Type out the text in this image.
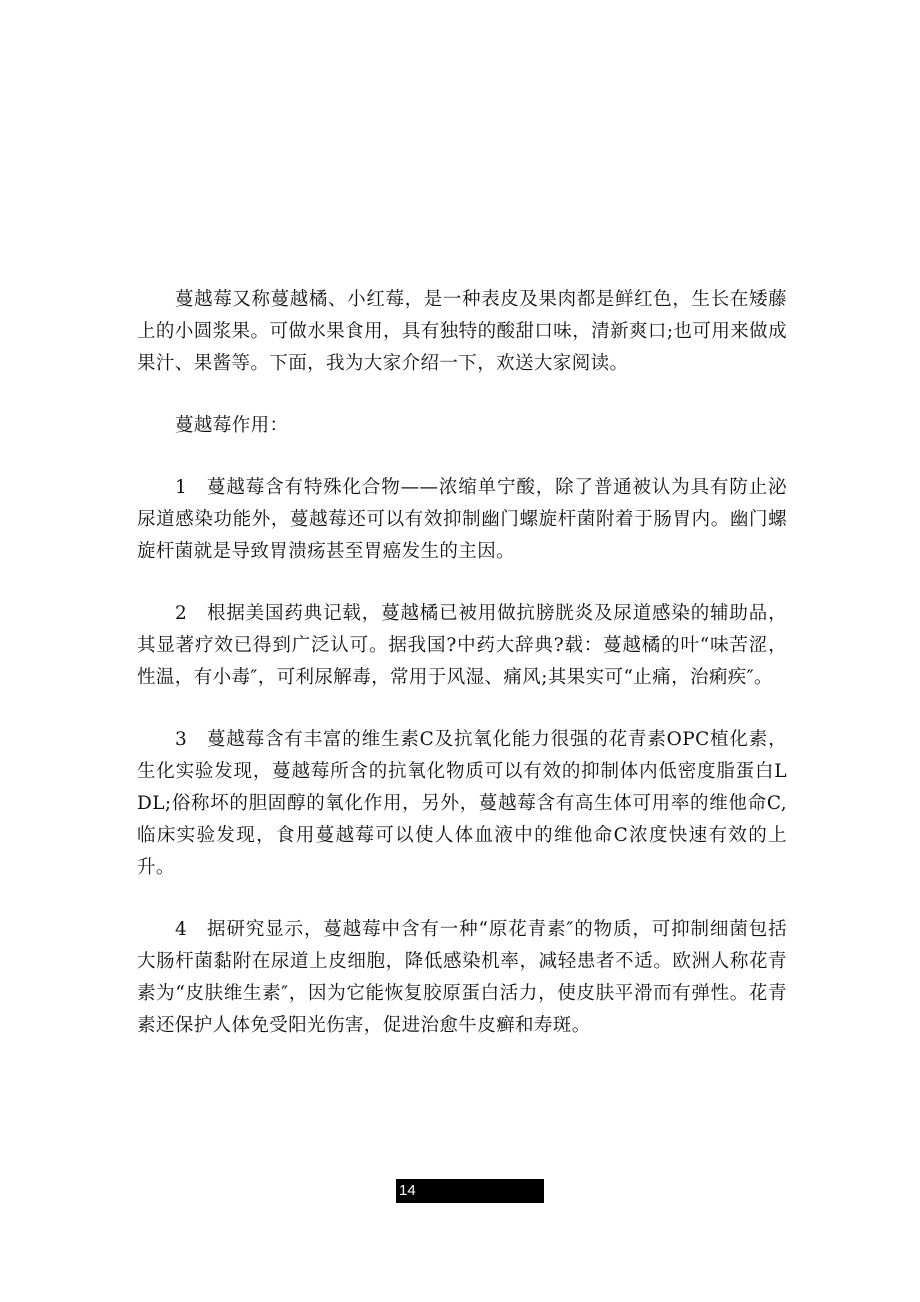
蔓越莓又称蔓越橘、小红莓，是一种表皮及果肉都是鲜红色，生长在矮藤上的小圆浆果。可做水果食用，具有独特的酸甜口味，清新爽口;也可用来做成果汁、果酱等。下面，我为大家介绍一下，欢送大家阅读。

蔓越莓作用：

1　蔓越莓含有特殊化合物——浓缩单宁酸，除了普通被认为具有防止泌尿道感染功能外，蔓越莓还可以有效抑制幽门螺旋杆菌附着于肠胃内。幽门螺旋杆菌就是导致胃溃疡甚至胃癌发生的主因。

2　根据美国药典记载，蔓越橘已被用做抗膀胱炎及尿道感染的辅助品，其显著疗效已得到广泛认可。据我国?中药大辞典?载：蔓越橘的叶“味苦涩，性温，有小毒″，可利尿解毒，常用于风湿、痛风;其果实可“止痛，治痢疾″。

3　蔓越莓含有丰富的维生素C及抗氧化能力很强的花青素OPC植化素，生化实验发现，蔓越莓所含的抗氧化物质可以有效的抑制体内低密度脂蛋白LDL;俗称坏的胆固醇的氧化作用，另外，蔓越莓含有高生体可用率的维他命C,临床实验发现，食用蔓越莓可以使人体血液中的维他命C浓度快速有效的上升。

4　据研究显示，蔓越莓中含有一种“原花青素″的物质，可抑制细菌包括大肠杆菌黏附在尿道上皮细胞，降低感染机率，减轻患者不适。欧洲人称花青素为“皮肤维生素″，因为它能恢复胶原蛋白活力，使皮肤平滑而有弹性。花青素还保护人体免受阳光伤害，促进治愈牛皮癣和寿斑。

14
